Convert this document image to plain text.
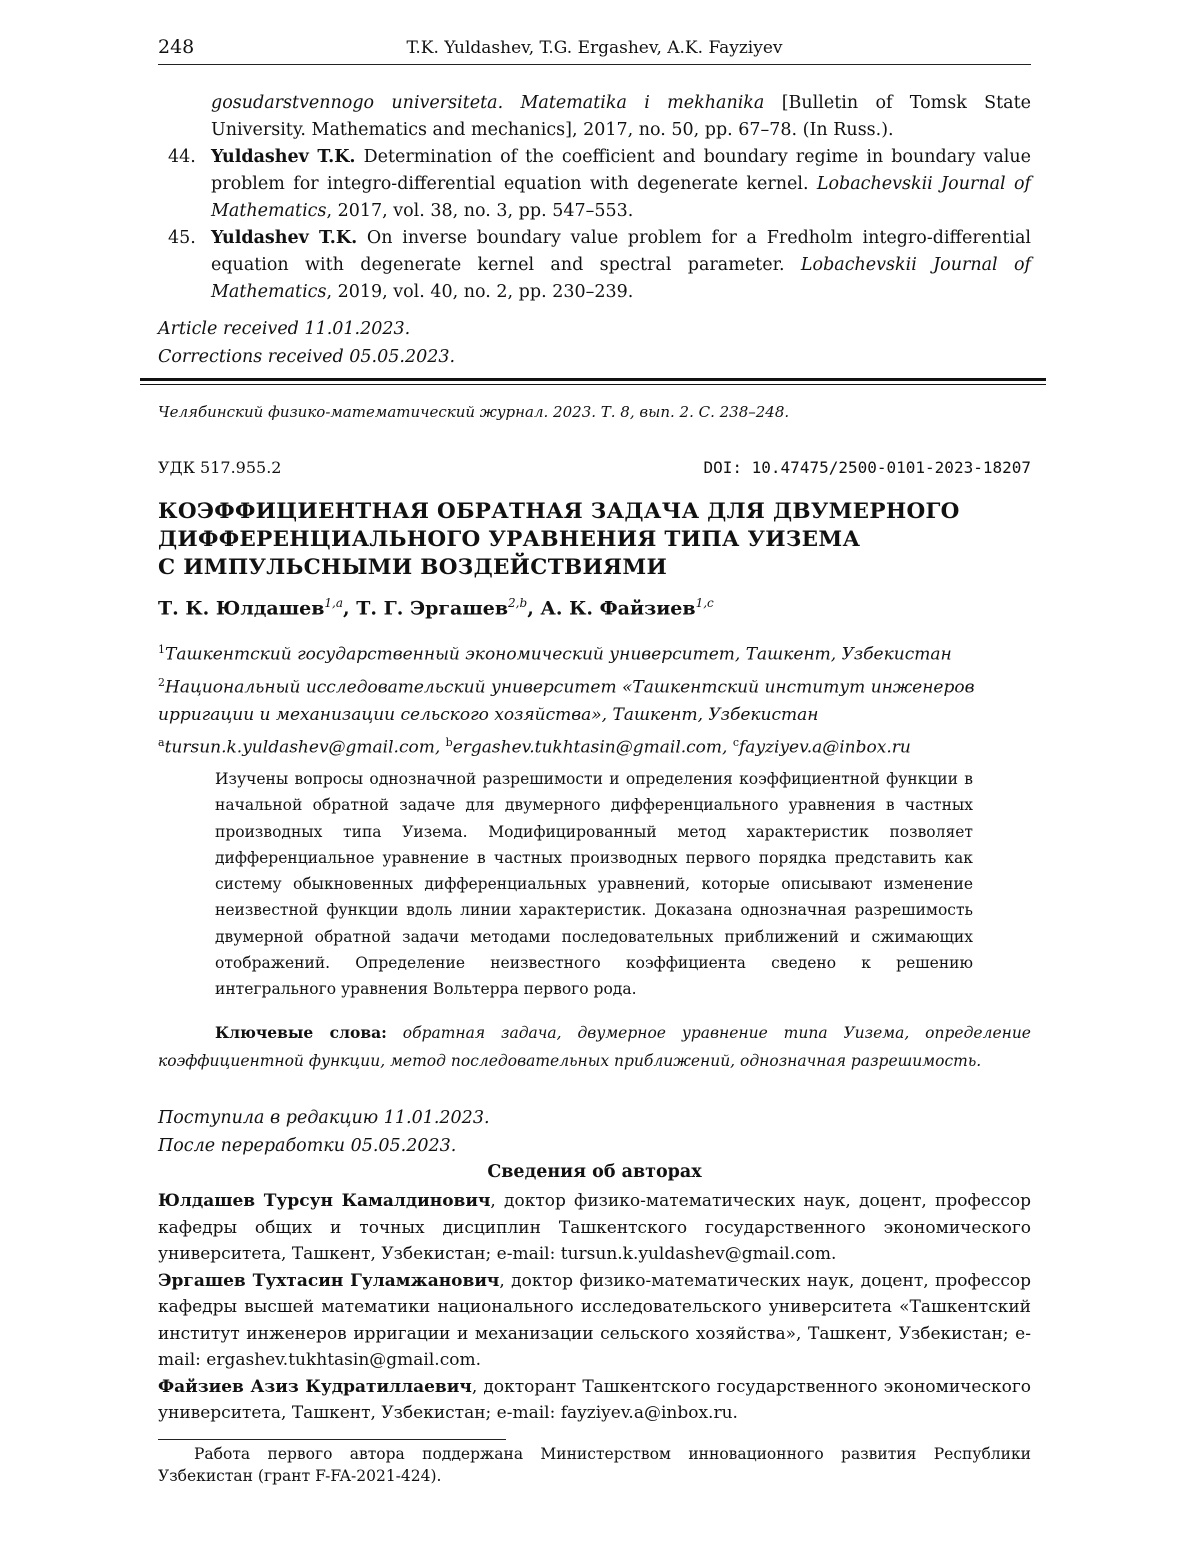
248	T.K. Yuldashev, T.G. Ergashev, A.K. Fayziyev
gosudarstvennogo universiteta. Matematika i mekhanika [Bulletin of Tomsk State University. Mathematics and mechanics], 2017, no. 50, pp. 67–78. (In Russ.).
44. Yuldashev T.K. Determination of the coefficient and boundary regime in boundary value problem for integro-differential equation with degenerate kernel. Lobachevskii Journal of Mathematics, 2017, vol. 38, no. 3, pp. 547–553.
45. Yuldashev T.K. On inverse boundary value problem for a Fredholm integro-differential equation with degenerate kernel and spectral parameter. Lobachevskii Journal of Mathematics, 2019, vol. 40, no. 2, pp. 230–239.
Article received 11.01.2023.
Corrections received 05.05.2023.
Челябинский физико-математический журнал. 2023. Т. 8, вып. 2. С. 238–248.
УДК 517.955.2	DOI: 10.47475/2500-0101-2023-18207
КОЭФФИЦИЕНТНАЯ ОБРАТНАЯ ЗАДАЧА ДЛЯ ДВУМЕРНОГО
ДИФФЕРЕНЦИАЛЬНОГО УРАВНЕНИЯ ТИПА УИЗЕМА
С ИМПУЛЬСНЫМИ ВОЗДЕЙСТВИЯМИ
Т. К. Юлдашев$^{1,a}$, Т. Г. Эргашев$^{2,b}$, А. К. Файзиев$^{1,c}$
$^1$Ташкентский государственный экономический университет, Ташкент, Узбекистан
$^2$Национальный исследовательский университет «Ташкентский институт инженеров ирригации и механизации сельского хозяйства», Ташкент, Узбекистан
$^a$tursun.k.yuldashev@gmail.com, $^b$ergashev.tukhtasin@gmail.com, $^c$fayziyev.a@inbox.ru
Изучены вопросы однозначной разрешимости и определения коэффициентной функции в начальной обратной задаче для двумерного дифференциального уравнения в частных производных типа Уизема. Модифицированный метод характеристик позволяет дифференциальное уравнение в частных производных первого порядка представить как систему обыкновенных дифференциальных уравнений, которые описывают изменение неизвестной функции вдоль линии характеристик. Доказана однозначная разрешимость двумерной обратной задачи методами последовательных приближений и сжимающих отображений. Определение неизвестного коэффициента сведено к решению интегрального уравнения Вольтерра первого рода.
Ключевые слова: обратная задача, двумерное уравнение типа Уизема, определение коэффициентной функции, метод последовательных приближений, однозначная разрешимость.
Поступила в редакцию 11.01.2023.
После переработки 05.05.2023.
Сведения об авторах

Юлдашев Турсун Камалдинович, доктор физико-математических наук, доцент, профессор кафедры общих и точных дисциплин Ташкентского государственного экономического университета, Ташкент, Узбекистан; e-mail: tursun.k.yuldashev@gmail.com.

Эргашев Тухтасин Гуламжанович, доктор физико-математических наук, доцент, профессор кафедры высшей математики национального исследовательского университета «Ташкентский институт инженеров ирригации и механизации сельского хозяйства», Ташкент, Узбекистан; e-mail: ergashev.tukhtasin@gmail.com.

Файзиев Азиз Кудратиллаевич, докторант Ташкентского государственного экономического университета, Ташкент, Узбекистан; e-mail: fayziyev.a@inbox.ru.

Работа первого автора поддержана Министерством инновационного развития Республики Узбекистан (грант F-FA-2021-424).
